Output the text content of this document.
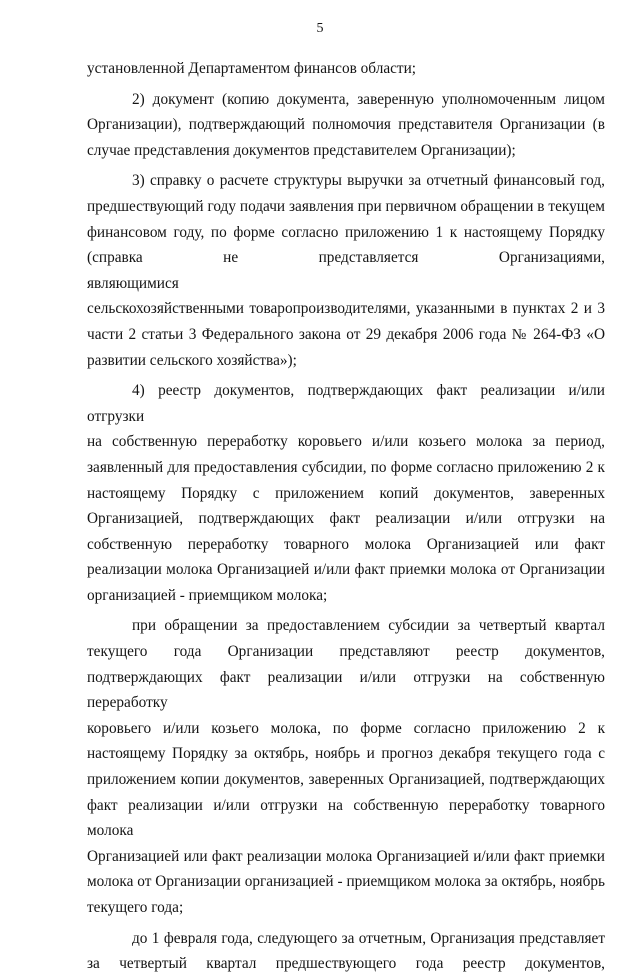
5
установленной Департаментом финансов области;
2) документ (копию документа, заверенную уполномоченным лицом
Организации), подтверждающий полномочия представителя Организации (в
случае представления документов представителем Организации);
3) справку о расчете структуры выручки за отчетный финансовый год,
предшествующий году подачи заявления при первичном обращении в текущем
финансовом году, по форме согласно приложению 1 к настоящему Порядку
(справка не представляется Организациями, являющимися
сельскохозяйственными товаропроизводителями, указанными в пунктах 2 и 3
части 2 статьи 3 Федерального закона от 29 декабря 2006 года № 264-ФЗ «О
развитии сельского хозяйства»);
4) реестр документов, подтверждающих факт реализации и/или отгрузки
на собственную переработку коровьего и/или козьего молока за период,
заявленный для предоставления субсидии, по форме согласно приложению 2 к
настоящему Порядку с приложением копий документов, заверенных
Организацией, подтверждающих факт реализации и/или отгрузки на
собственную переработку товарного молока Организацией или факт
реализации молока Организацией и/или факт приемки молока от Организации
организацией - приемщиком молока;
при обращении за предоставлением субсидии за четвертый квартал
текущего года Организации представляют реестр документов,
подтверждающих факт реализации и/или отгрузки на собственную переработку
коровьего и/или козьего молока, по форме согласно приложению 2 к
настоящему Порядку за октябрь, ноябрь и прогноз декабря текущего года с
приложением копии документов, заверенных Организацией, подтверждающих
факт реализации и/или отгрузки на собственную переработку товарного молока
Организацией или факт реализации молока Организацией и/или факт приемки
молока от Организации организацией - приемщиком молока за октябрь, ноябрь
текущего года;
до 1 февраля года, следующего за отчетным, Организация представляет
за четвертый квартал предшествующего года реестр документов,
